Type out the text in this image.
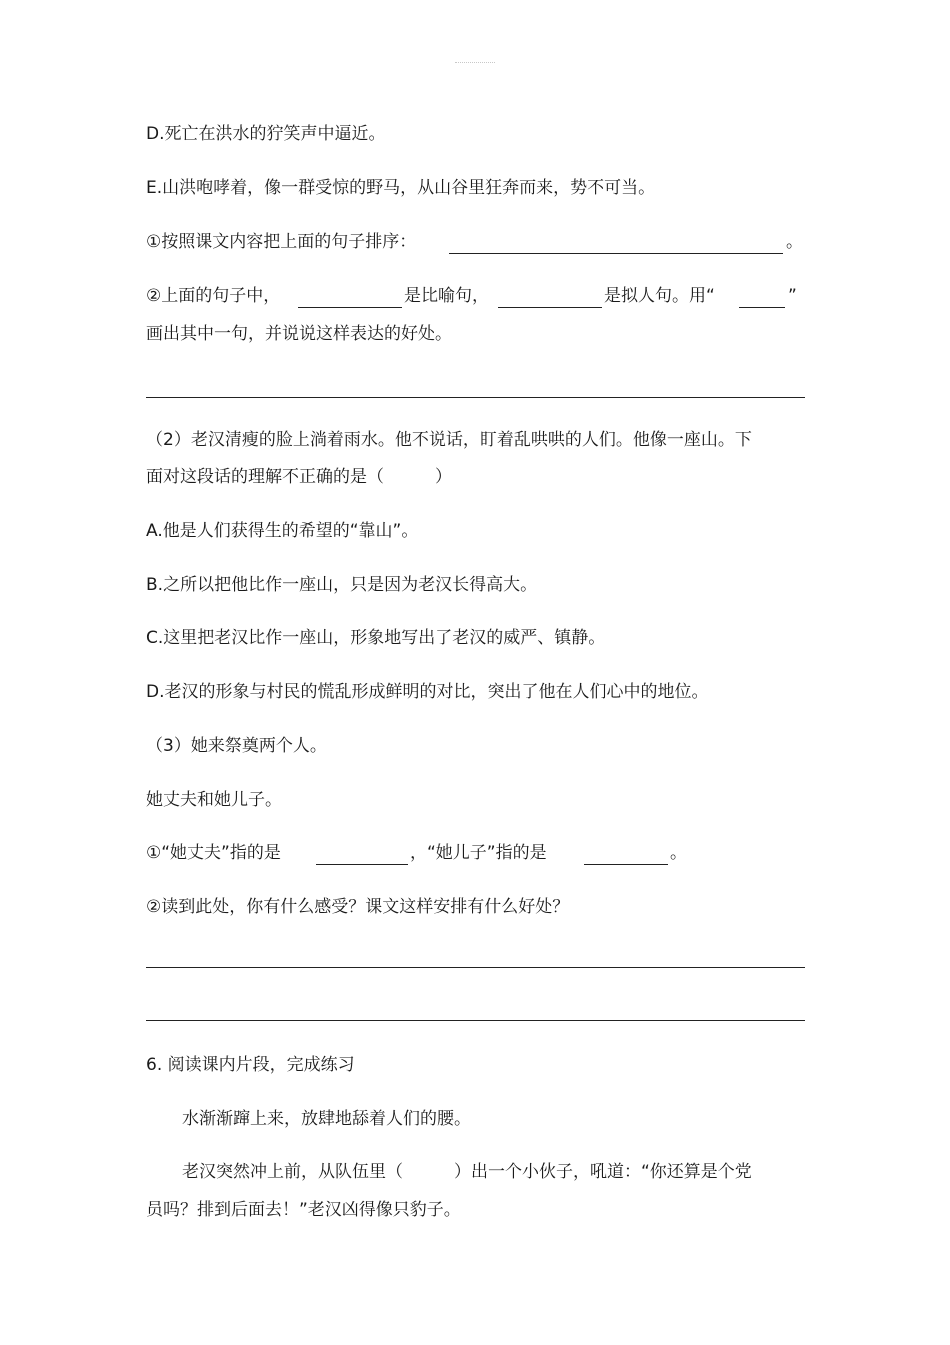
D.死亡在洪水的狞笑声中逼近。
E.山洪咆哮着，像一群受惊的野马，从山谷里狂奔而来，势不可当。
①按照课文内容把上面的句子排序：	。
②上面的句子中，	是比喻句，	是拟人句。用“	”
画出其中一句，并说说这样表达的好处。
（2）老汉清瘦的脸上淌着雨水。他不说话，盯着乱哄哄的人们。他像一座山。下
面对这段话的理解不正确的是（　　　）
A.他是人们获得生的希望的“靠山”。
B.之所以把他比作一座山，只是因为老汉长得高大。
C.这里把老汉比作一座山，形象地写出了老汉的威严、镇静。
D.老汉的形象与村民的慌乱形成鲜明的对比，突出了他在人们心中的地位。
（3）她来祭奠两个人。
她丈夫和她儿子。
①“她丈夫”指的是	，“她儿子”指的是	。
②读到此处，你有什么感受？课文这样安排有什么好处？
6. 阅读课内片段，完成练习
水渐渐蹿上来，放肆地舔着人们的腰。
老汉突然冲上前，从队伍里（　　　）出一个小伙子，吼道：“你还算是个党
员吗？排到后面去！”老汉凶得像只豹子。
